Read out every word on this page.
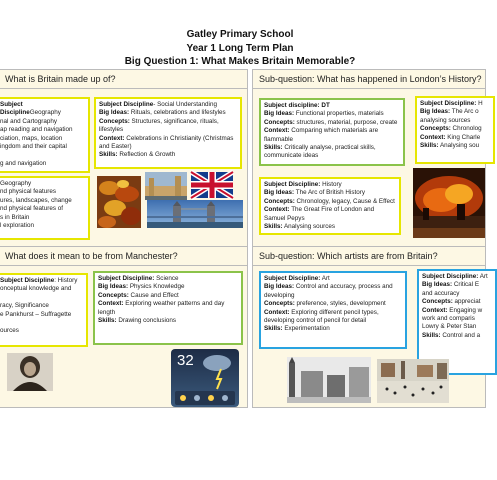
Gatley Primary School
Year 1 Long Term Plan
Big Question 1: What Makes Britain Memorable?
What is Britain made up of?
Subject DisciplineGeography
nal and Cartography
ap reading and navigation
ciation, maps, location
ingdom and their capital

g and navigation
Geography
nd physical features
ures, landscapes, change
nd physical features of
s in Britain
l exploration
Subject Discipline- Social Understanding
Big Ideas: Rituals, celebrations and lifestyles
Concepts: Structures, significance, rituals, lifestyles
Context: Celebrations in Christianity (Christmas and Easter)
Skills: Reflection & Growth
Sub-question: What has happened in London’s History?
Subject discipline: DT
Big Ideas: Functional properties, materials
Concepts: structures, material, purpose, create
Context: Comparing which materials are flammable
Skills: Critically analyse, practical skills, communicate ideas
Subject Discipline: History
Big Ideas: The Arc of British History
Concepts: Chronology, legacy, Cause & Effect
Context: The Great Fire of London and Samuel Pepys
Skills: Analysing sources
Subject Discipline: H
Big Ideas: The Arc o
analysing sources
Concepts: Chronolog
Context: King Charle
Skills: Analysing sou
What does it mean to be from Manchester?
Subject Discipline: History
onceptual knowledge and

racy, Significance
e Pankhurst – Suffragette

ources
Subject Discipline: Science
Big Ideas: Physics Knowledge
Concepts: Cause and Effect
Context: Exploring weather patterns and day length
Skills: Drawing conclusions
32
Sub-question: Which artists are from Britain?
Subject Discipline: Art
Big Ideas: Control and accuracy, process and developing
Concepts: preference, styles, development
Context: Exploring different pencil types, developing control of pencil for detail
Skills: Experimentation
Subject Discipline: Art
Big Ideas: Critical E
and accuracy
Concepts: appreciat
Context: Engaging w
work and comparis
Lowry & Peter Stan
Skills: Control and a
